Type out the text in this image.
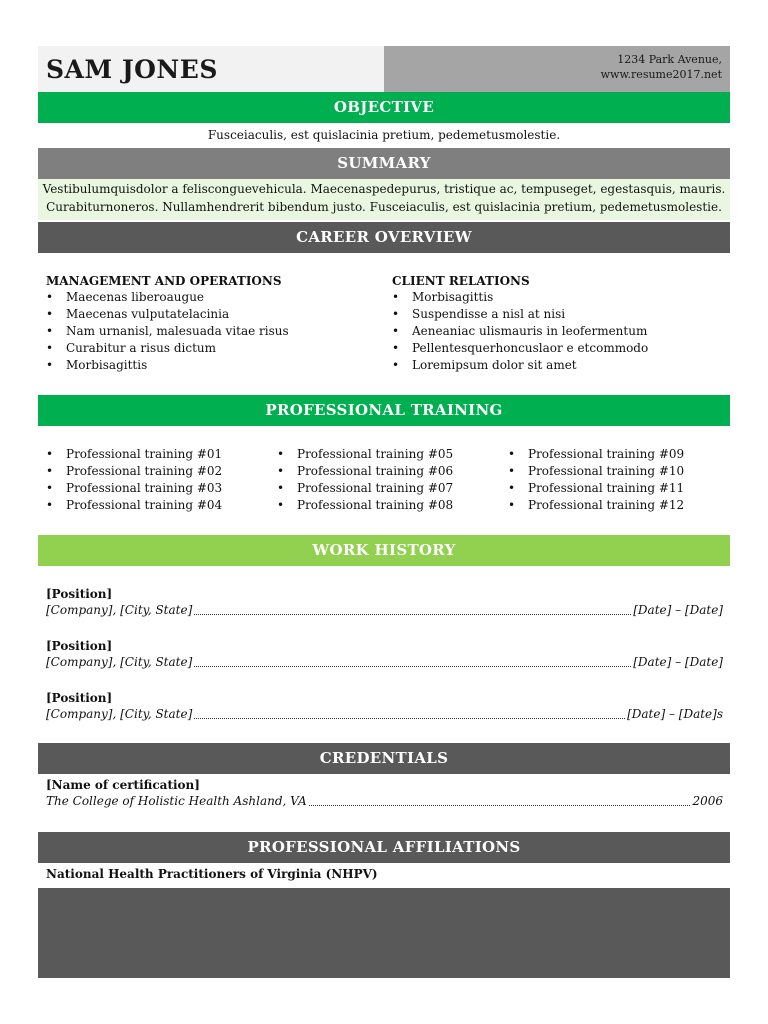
SAM JONES	1234 Park Avenue,
www.resume2017.net
OBJECTIVE
Fusceiaculis, est quislacinia pretium, pedemetusmolestie.
SUMMARY
Vestibulumquisdolor a felisconguevehicula. Maecenaspedepurus, tristique ac, tempuseget, egestasquis, mauris.
Curabiturnoneros. Nullamhendrerit bibendum justo. Fusceiaculis, est quislacinia pretium, pedemetusmolestie.
CAREER OVERVIEW
MANAGEMENT AND OPERATIONS
• Maecenas liberoaugue
• Maecenas vulputatelacinia
• Nam urnanisl, malesuada vitae risus
• Curabitur a risus dictum
• Morbisagittis
CLIENT RELATIONS
• Morbisagittis
• Suspendisse a nisl at nisi
• Aeneaniac ulismauris in leofermentum
• Pellentesquerhoncuslaor e etcommodo
• Loremipsum dolor sit amet
PROFESSIONAL TRAINING
• Professional training #01
• Professional training #02
• Professional training #03
• Professional training #04
• Professional training #05
• Professional training #06
• Professional training #07
• Professional training #08
• Professional training #09
• Professional training #10
• Professional training #11
• Professional training #12
WORK HISTORY
[Position]
[Company], [City, State]	[Date] – [Date]
[Position]
[Company], [City, State]	[Date] – [Date]
[Position]
[Company], [City, State]	[Date] – [Date]s
CREDENTIALS
[Name of certification]
The College of Holistic Health Ashland, VA	2006
PROFESSIONAL AFFILIATIONS
National Health Practitioners of Virginia (NHPV)
